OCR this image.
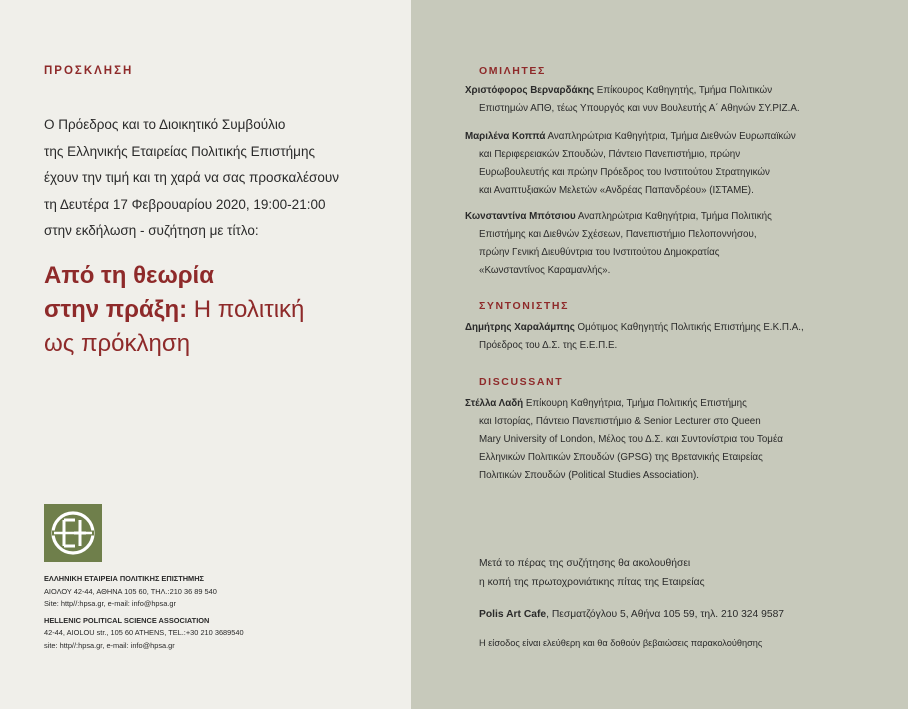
ΠΡΟΣΚΛΗΣΗ
Ο Πρόεδρος και το Διοικητικό Συμβούλιο
της Ελληνικής Εταιρείας Πολιτικής Επιστήμης
έχουν την τιμή και τη χαρά να σας προσκαλέσουν
τη Δευτέρα 17 Φεβρουαρίου 2020, 19:00-21:00
στην εκδήλωση - συζήτηση με τίτλο:
Από τη θεωρία
στην πράξη: Η πολιτική
ως πρόκληση
ΕΛΛΗΝΙΚΗ ΕΤΑΙΡΕΙΑ ΠΟΛΙΤΙΚΗΣ ΕΠΙΣΤΗΜΗΣ
ΑΙΟΛΟΥ 42-44, ΑΘΗΝΑ 105 60, ΤΗΛ.:210 36 89 540
Site: http//:hpsa.gr, e-mail: info@hpsa.gr
HELLENIC POLITICAL SCIENCE ASSOCIATION
42-44, AIOLOU str., 105 60 ATHENS, TEL.:+30 210 3689540
site: http//:hpsa.gr, e-mail: info@hpsa.gr
ΟΜΙΛΗΤΕΣ
Χριστόφορος Βερναρδάκης Επίκουρος Καθηγητής, Τμήμα Πολιτικών
Επιστημών ΑΠΘ, τέως Υπουργός και νυν Βουλευτής Α΄ Αθηνών ΣΥ.ΡΙΖ.Α.
Μαριλένα Κοππά Αναπληρώτρια Καθηγήτρια, Τμήμα Διεθνών Ευρωπαϊκών
και Περιφερειακών Σπουδών, Πάντειο Πανεπιστήμιο, πρώην
Ευρωβουλευτής και πρώην Πρόεδρος του Ινστιτούτου Στρατηγικών
και Αναπτυξιακών Μελετών «Ανδρέας Παπανδρέου» (ΙΣΤΑΜΕ).
Κωνσταντίνα Μπότσιου Αναπληρώτρια Καθηγήτρια, Τμήμα Πολιτικής
Επιστήμης και Διεθνών Σχέσεων, Πανεπιστήμιο Πελοποννήσου,
πρώην Γενική Διευθύντρια του Ινστιτούτου Δημοκρατίας
«Κωνσταντίνος Καραμανλής».
ΣΥΝΤΟΝΙΣΤΗΣ
Δημήτρης Χαραλάμπης Ομότιμος Καθηγητής Πολιτικής Επιστήμης Ε.Κ.Π.Α.,
Πρόεδρος του Δ.Σ. της Ε.Ε.Π.Ε.
DISCUSSANT
Στέλλα Λαδή Επίκουρη Καθηγήτρια, Τμήμα Πολιτικής Επιστήμης
και Ιστορίας, Πάντειο Πανεπιστήμιο & Senior Lecturer στο Queen
Mary University of London, Μέλος του Δ.Σ. και Συντονίστρια του Τομέα
Ελληνικών Πολιτικών Σπουδών (GPSG) της Βρετανικής Εταιρείας
Πολιτικών Σπουδών (Political Studies Association).
Μετά το πέρας της συζήτησης θα ακολουθήσει
η κοπή της πρωτοχρονιάτικης πίτας της Εταιρείας
Polis Art Cafe, Πεσματζόγλου 5, Αθήνα 105 59, τηλ. 210 324 9587
Η είσοδος είναι ελεύθερη και θα δοθούν βεβαιώσεις παρακολούθησης
